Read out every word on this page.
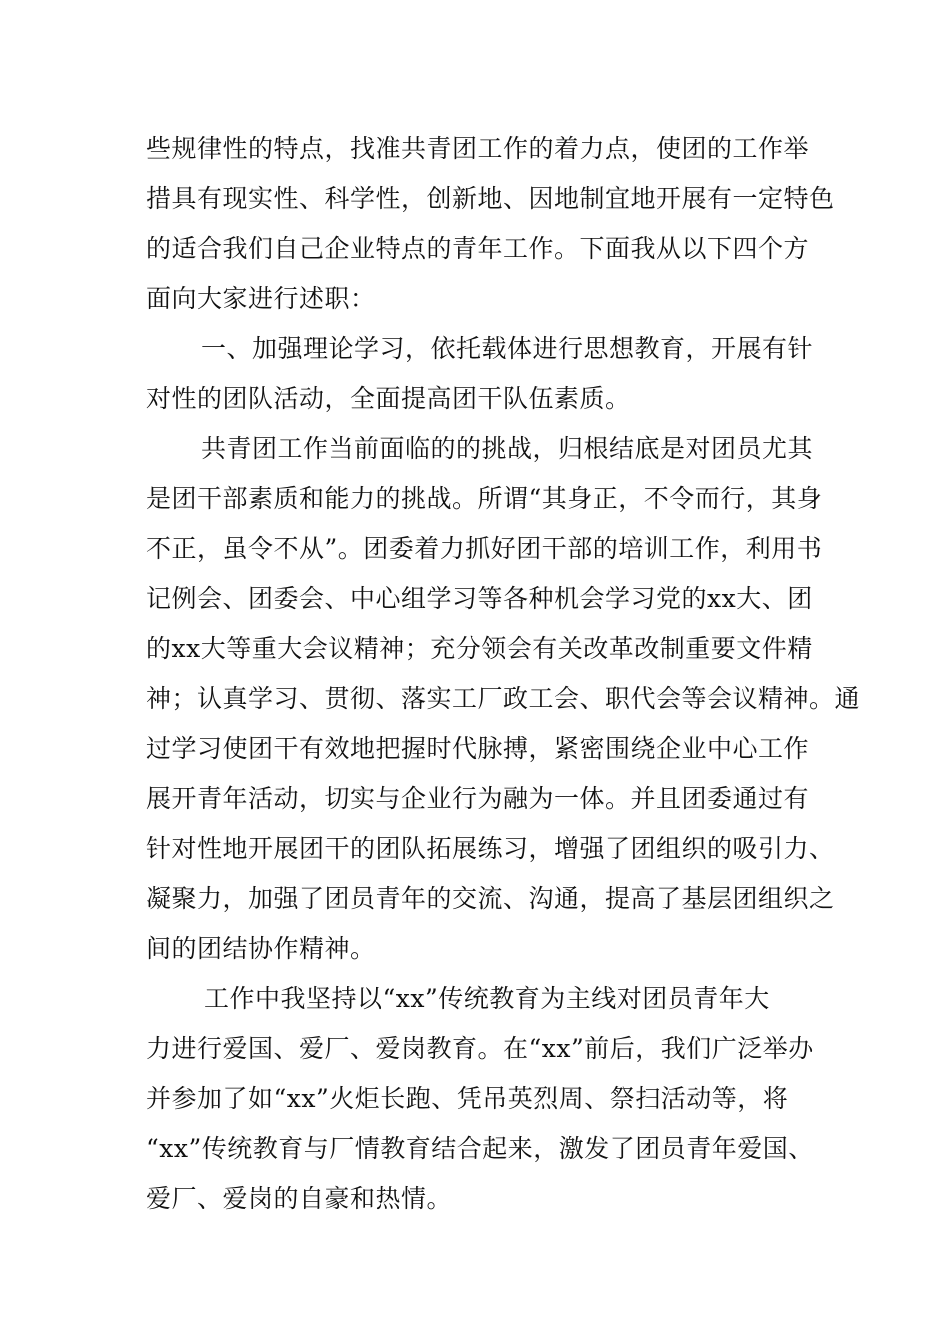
些规律性的特点，找准共青团工作的着力点，使团的工作举
措具有现实性、科学性，创新地、因地制宜地开展有一定特色
的适合我们自己企业特点的青年工作。下面我从以下四个方
面向大家进行述职：
一、加强理论学习，依托载体进行思想教育，开展有针
对性的团队活动，全面提高团干队伍素质。
共青团工作当前面临的的挑战，归根结底是对团员尤其
是团干部素质和能力的挑战。所谓“其身正，不令而行，其身
不正，虽令不从”。团委着力抓好团干部的培训工作，利用书
记例会、团委会、中心组学习等各种机会学习党的xx大、团
的xx大等重大会议精神；充分领会有关改革改制重要文件精
神；认真学习、贯彻、落实工厂政工会、职代会等会议精神。通
过学习使团干有效地把握时代脉搏，紧密围绕企业中心工作
展开青年活动，切实与企业行为融为一体。并且团委通过有
针对性地开展团干的团队拓展练习，增强了团组织的吸引力、
凝聚力，加强了团员青年的交流、沟通，提高了基层团组织之
间的团结协作精神。
工作中我坚持以“xx”传统教育为主线对团员青年大
力进行爱国、爱厂、爱岗教育。在“xx”前后，我们广泛举办
并参加了如“xx”火炬长跑、凭吊英烈周、祭扫活动等，将
“xx”传统教育与厂情教育结合起来，激发了团员青年爱国、
爱厂、爱岗的自豪和热情。
